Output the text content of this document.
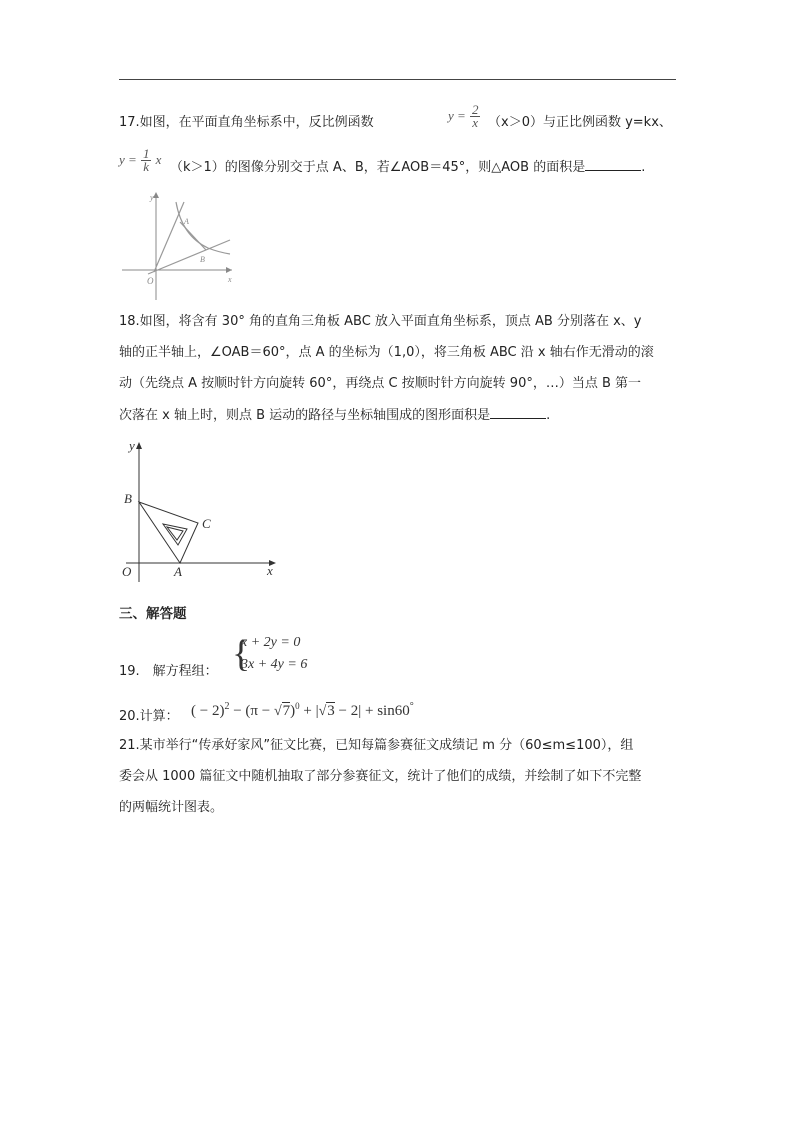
17.如图，在平面直角坐标系中，反比例函数	$y = \frac{2}{x} (x>0)$与正比例函数 y=kx、
$y = \frac{1}{k}$ x
（k＞1）的图像分别交于点 A、B，若∠AOB＝45°，则△AOB 的面积是	.
y
x
O
A
B
18.如图，将含有 30° 角的直角三角板 ABC 放入平面直角坐标系，顶点 AB 分别落在 x、y
轴的正半轴上，∠OAB＝60°，点 A 的坐标为（1,0），将三角板 ABC 沿 x 轴右作无滑动的滚
动（先绕点 A 按顺时针方向旋转 60°，再绕点 C 按顺时针方向旋转 90°，…）当点 B 第一
次落在 x 轴上时，则点 B 运动的路径与坐标轴围成的图形面积是	.
y
x
O	A
B
C
三、解答题
19.　解方程组： {
x + 2y = 0
3x + 4y = 6
20.计算： ( − $2)^2 - (\pi - √7)^0 + |√3 - 2| + \sin 60^\circ$
21.某市举行“传承好家风”征文比赛，已知每篇参赛征文成绩记 m 分（60≤m≤100），组
委会从 1000 篇征文中随机抽取了部分参赛征文，统计了他们的成绩，并绘制了如下不完整
的两幅统计图表。
